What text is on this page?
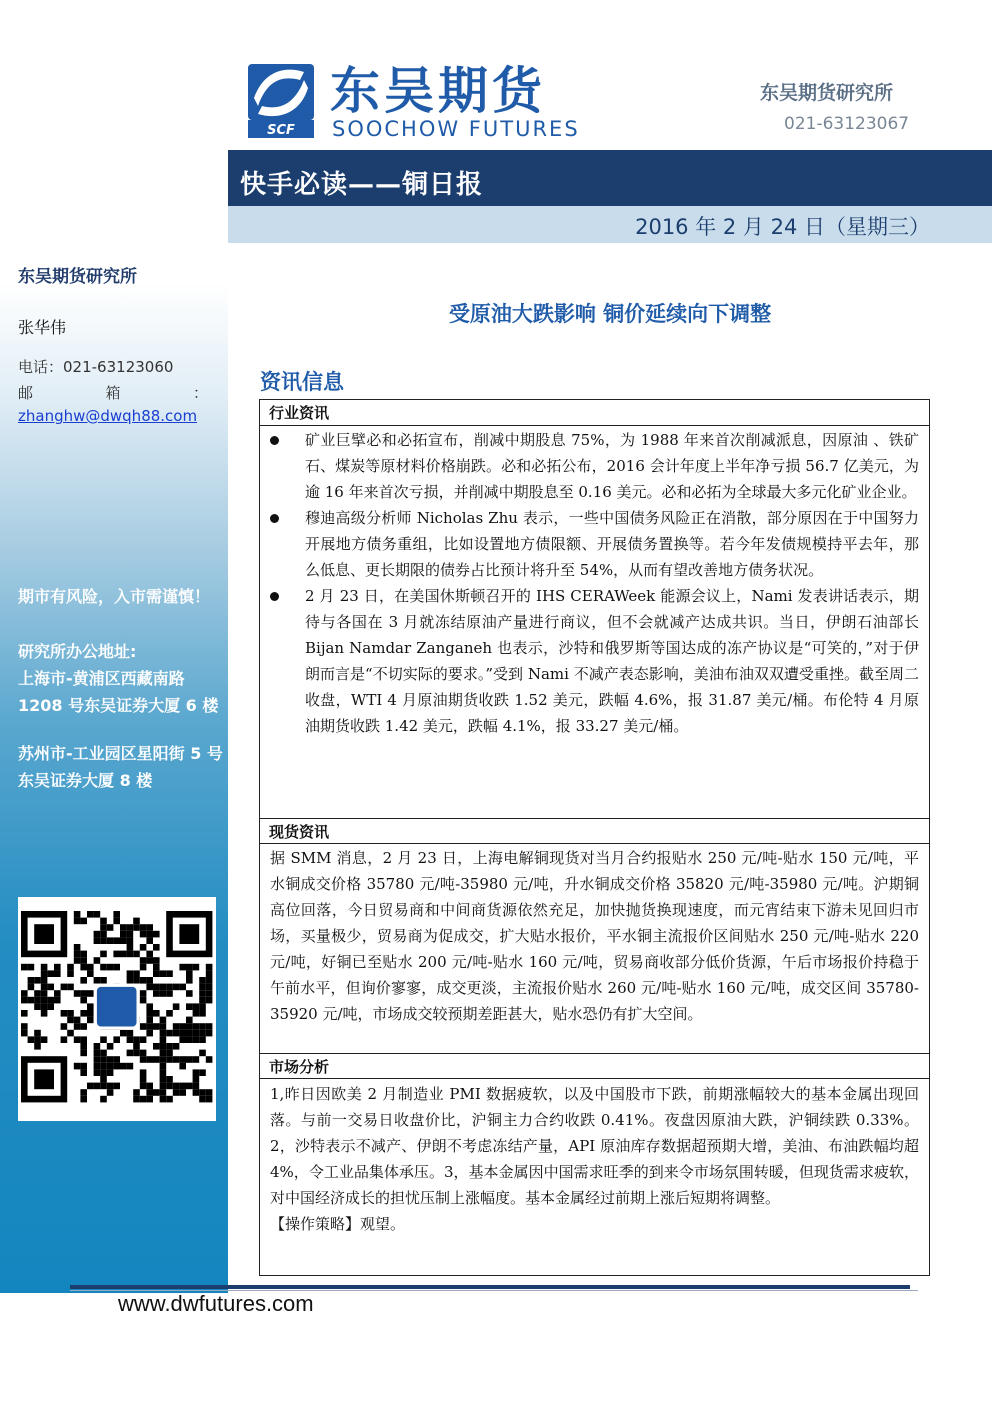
SCF
东吴期货
SOOCHOW FUTURES
东吴期货研究所
021-63123067
快手必读——铜日报
2016 年 2 月 24 日（星期三）
东吴期货研究所
张华伟
电话：021-63123060
邮	箱	：
zhanghw@dwqh88.com
期市有风险，入市需谨慎！
研究所办公地址:
上海市-黄浦区西藏南路1208 号东吴证券大厦 6 楼
苏州市-工业园区星阳街 5 号东吴证券大厦 8 楼
受原油大跌影响 铜价延续向下调整
资讯信息
行业资讯
矿业巨擘必和必拓宣布，削减中期股息 75%，为 1988 年来首次削减派息，因原油 、铁矿石、煤炭等原材料价格崩跌。必和必拓公布，2016 会计年度上半年净亏损 56.7 亿美元，为逾 16 年来首次亏损，并削减中期股息至 0.16 美元。必和必拓为全球最大多元化矿业企业。
穆迪高级分析师 Nicholas Zhu 表示，一些中国债务风险正在消散，部分原因在于中国努力开展地方债务重组，比如设置地方债限额、开展债务置换等。若今年发债规模持平去年，那么低息、更长期限的债券占比预计将升至 54%，从而有望改善地方债务状况。
2 月 23 日，在美国休斯顿召开的 IHS CERAWeek 能源会议上，Nami 发表讲话表示，期待与各国在 3 月就冻结原油产量进行商议，但不会就减产达成共识。当日，伊朗石油部长 Bijan Namdar Zanganeh 也表示，沙特和俄罗斯等国达成的冻产协议是“可笑的，”对于伊朗而言是“不切实际的要求。”受到 Nami 不减产表态影响，美油布油双双遭受重挫。截至周二收盘，WTI 4 月原油期货收跌 1.52 美元，跌幅 4.6%，报 31.87 美元/桶。布伦特 4 月原油期货收跌 1.42 美元，跌幅 4.1%，报 33.27 美元/桶。
现货资讯
据 SMM 消息，2 月 23 日，上海电解铜现货对当月合约报贴水 250 元/吨-贴水 150 元/吨，平水铜成交价格 35780 元/吨-35980 元/吨，升水铜成交价格 35820 元/吨-35980 元/吨。沪期铜高位回落，今日贸易商和中间商货源依然充足，加快抛货换现速度，而元宵结束下游未见回归市场，买量极少，贸易商为促成交，扩大贴水报价，平水铜主流报价区间贴水 250 元/吨-贴水 220 元/吨，好铜已至贴水 200 元/吨-贴水 160 元/吨，贸易商收部分低价货源，午后市场报价持稳于午前水平，但询价寥寥，成交更淡，主流报价贴水 260 元/吨-贴水 160 元/吨，成交区间 35780-35920 元/吨，市场成交较预期差距甚大，贴水恐仍有扩大空间。
市场分析
1,昨日因欧美 2 月制造业 PMI 数据疲软，以及中国股市下跌，前期涨幅较大的基本金属出现回落。与前一交易日收盘价比，沪铜主力合约收跌 0.41%。夜盘因原油大跌，沪铜续跌 0.33%。2，沙特表示不减产、伊朗不考虑冻结产量，API 原油库存数据超预期大增，美油、布油跌幅均超 4%，令工业品集体承压。3，基本金属因中国需求旺季的到来令市场氛围转暖，但现货需求疲软，对中国经济成长的担忧压制上涨幅度。基本金属经过前期上涨后短期将调整。
【操作策略】观望。
www.dwfutures.com
